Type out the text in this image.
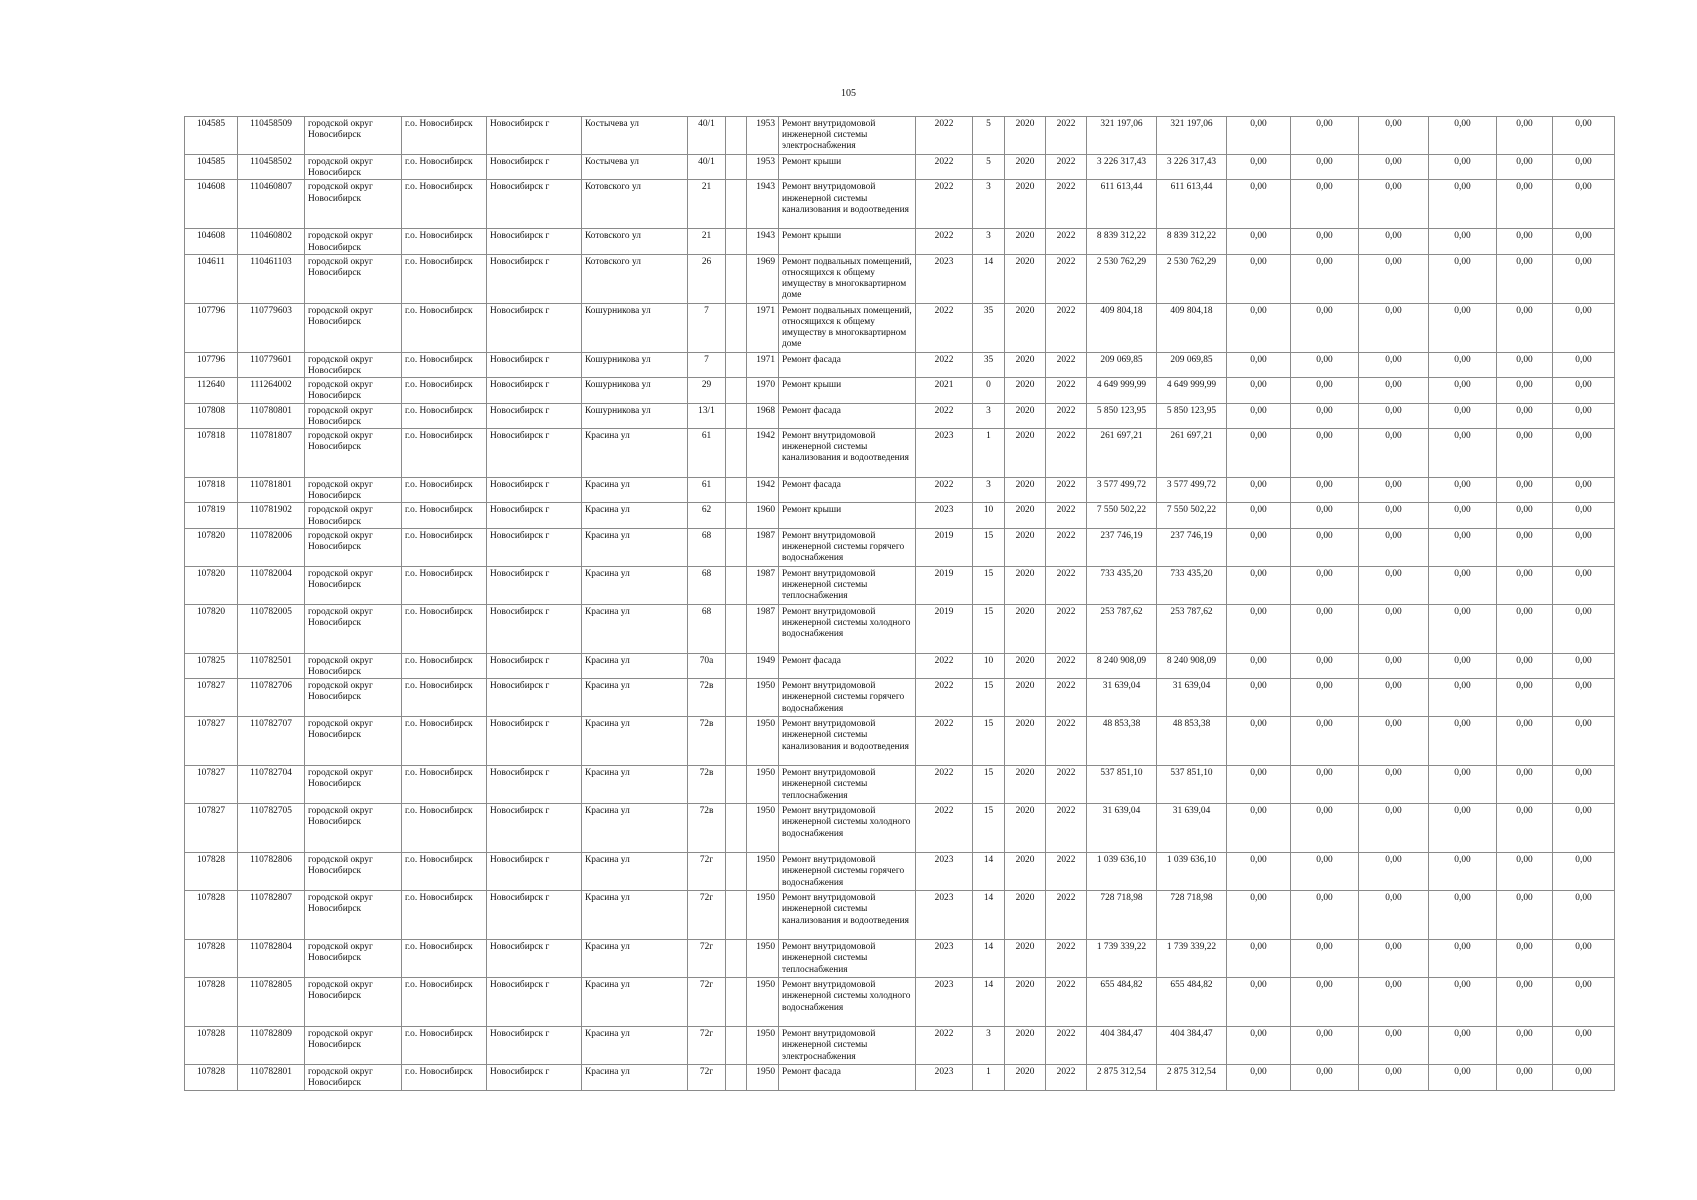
105
104585	110458509	городской округ Новосибирск	г.о. Новосибирск	Новосибирск г	Костычева ул	40/1		1953	Ремонт внутридомовой инженерной системы электроснабжения	2022	5	2020	2022	321 197,06	321 197,06	0,00	0,00	0,00	0,00	0,00	0,00
104585	110458502	городской округ Новосибирск	г.о. Новосибирск	Новосибирск г	Костычева ул	40/1		1953	Ремонт крыши	2022	5	2020	2022	3 226 317,43	3 226 317,43	0,00	0,00	0,00	0,00	0,00	0,00
104608	110460807	городской округ Новосибирск	г.о. Новосибирск	Новосибирск г	Котовского ул	21		1943	Ремонт внутридомовой инженерной системы канализования и водоотведения	2022	3	2020	2022	611 613,44	611 613,44	0,00	0,00	0,00	0,00	0,00	0,00
104608	110460802	городской округ Новосибирск	г.о. Новосибирск	Новосибирск г	Котовского ул	21		1943	Ремонт крыши	2022	3	2020	2022	8 839 312,22	8 839 312,22	0,00	0,00	0,00	0,00	0,00	0,00
104611	110461103	городской округ Новосибирск	г.о. Новосибирск	Новосибирск г	Котовского ул	26		1969	Ремонт подвальных помещений, относящихся к общему имуществу в многоквартирном доме	2023	14	2020	2022	2 530 762,29	2 530 762,29	0,00	0,00	0,00	0,00	0,00	0,00
107796	110779603	городской округ Новосибирск	г.о. Новосибирск	Новосибирск г	Кошурникова ул	7		1971	Ремонт подвальных помещений, относящихся к общему имуществу в многоквартирном доме	2022	35	2020	2022	409 804,18	409 804,18	0,00	0,00	0,00	0,00	0,00	0,00
107796	110779601	городской округ Новосибирск	г.о. Новосибирск	Новосибирск г	Кошурникова ул	7		1971	Ремонт фасада	2022	35	2020	2022	209 069,85	209 069,85	0,00	0,00	0,00	0,00	0,00	0,00
112640	111264002	городской округ Новосибирск	г.о. Новосибирск	Новосибирск г	Кошурникова ул	29		1970	Ремонт крыши	2021	0	2020	2022	4 649 999,99	4 649 999,99	0,00	0,00	0,00	0,00	0,00	0,00
107808	110780801	городской округ Новосибирск	г.о. Новосибирск	Новосибирск г	Кошурникова ул	13/1		1968	Ремонт фасада	2022	3	2020	2022	5 850 123,95	5 850 123,95	0,00	0,00	0,00	0,00	0,00	0,00
107818	110781807	городской округ Новосибирск	г.о. Новосибирск	Новосибирск г	Красина ул	61		1942	Ремонт внутридомовой инженерной системы канализования и водоотведения	2023	1	2020	2022	261 697,21	261 697,21	0,00	0,00	0,00	0,00	0,00	0,00
107818	110781801	городской округ Новосибирск	г.о. Новосибирск	Новосибирск г	Красина ул	61		1942	Ремонт фасада	2022	3	2020	2022	3 577 499,72	3 577 499,72	0,00	0,00	0,00	0,00	0,00	0,00
107819	110781902	городской округ Новосибирск	г.о. Новосибирск	Новосибирск г	Красина ул	62		1960	Ремонт крыши	2023	10	2020	2022	7 550 502,22	7 550 502,22	0,00	0,00	0,00	0,00	0,00	0,00
107820	110782006	городской округ Новосибирск	г.о. Новосибирск	Новосибирск г	Красина ул	68		1987	Ремонт внутридомовой инженерной системы горячего водоснабжения	2019	15	2020	2022	237 746,19	237 746,19	0,00	0,00	0,00	0,00	0,00	0,00
107820	110782004	городской округ Новосибирск	г.о. Новосибирск	Новосибирск г	Красина ул	68		1987	Ремонт внутридомовой инженерной системы теплоснабжения	2019	15	2020	2022	733 435,20	733 435,20	0,00	0,00	0,00	0,00	0,00	0,00
107820	110782005	городской округ Новосибирск	г.о. Новосибирск	Новосибирск г	Красина ул	68		1987	Ремонт внутридомовой инженерной системы холодного водоснабжения	2019	15	2020	2022	253 787,62	253 787,62	0,00	0,00	0,00	0,00	0,00	0,00
107825	110782501	городской округ Новосибирск	г.о. Новосибирск	Новосибирск г	Красина ул	70а		1949	Ремонт фасада	2022	10	2020	2022	8 240 908,09	8 240 908,09	0,00	0,00	0,00	0,00	0,00	0,00
107827	110782706	городской округ Новосибирск	г.о. Новосибирск	Новосибирск г	Красина ул	72в		1950	Ремонт внутридомовой инженерной системы горячего водоснабжения	2022	15	2020	2022	31 639,04	31 639,04	0,00	0,00	0,00	0,00	0,00	0,00
107827	110782707	городской округ Новосибирск	г.о. Новосибирск	Новосибирск г	Красина ул	72в		1950	Ремонт внутридомовой инженерной системы канализования и водоотведения	2022	15	2020	2022	48 853,38	48 853,38	0,00	0,00	0,00	0,00	0,00	0,00
107827	110782704	городской округ Новосибирск	г.о. Новосибирск	Новосибирск г	Красина ул	72в		1950	Ремонт внутридомовой инженерной системы теплоснабжения	2022	15	2020	2022	537 851,10	537 851,10	0,00	0,00	0,00	0,00	0,00	0,00
107827	110782705	городской округ Новосибирск	г.о. Новосибирск	Новосибирск г	Красина ул	72в		1950	Ремонт внутридомовой инженерной системы холодного водоснабжения	2022	15	2020	2022	31 639,04	31 639,04	0,00	0,00	0,00	0,00	0,00	0,00
107828	110782806	городской округ Новосибирск	г.о. Новосибирск	Новосибирск г	Красина ул	72г		1950	Ремонт внутридомовой инженерной системы горячего водоснабжения	2023	14	2020	2022	1 039 636,10	1 039 636,10	0,00	0,00	0,00	0,00	0,00	0,00
107828	110782807	городской округ Новосибирск	г.о. Новосибирск	Новосибирск г	Красина ул	72г		1950	Ремонт внутридомовой инженерной системы канализования и водоотведения	2023	14	2020	2022	728 718,98	728 718,98	0,00	0,00	0,00	0,00	0,00	0,00
107828	110782804	городской округ Новосибирск	г.о. Новосибирск	Новосибирск г	Красина ул	72г		1950	Ремонт внутридомовой инженерной системы теплоснабжения	2023	14	2020	2022	1 739 339,22	1 739 339,22	0,00	0,00	0,00	0,00	0,00	0,00
107828	110782805	городской округ Новосибирск	г.о. Новосибирск	Новосибирск г	Красина ул	72г		1950	Ремонт внутридомовой инженерной системы холодного водоснабжения	2023	14	2020	2022	655 484,82	655 484,82	0,00	0,00	0,00	0,00	0,00	0,00
107828	110782809	городской округ Новосибирск	г.о. Новосибирск	Новосибирск г	Красина ул	72г		1950	Ремонт внутридомовой инженерной системы электроснабжения	2022	3	2020	2022	404 384,47	404 384,47	0,00	0,00	0,00	0,00	0,00	0,00
107828	110782801	городской округ Новосибирск	г.о. Новосибирск	Новосибирск г	Красина ул	72г		1950	Ремонт фасада	2023	1	2020	2022	2 875 312,54	2 875 312,54	0,00	0,00	0,00	0,00	0,00	0,00
